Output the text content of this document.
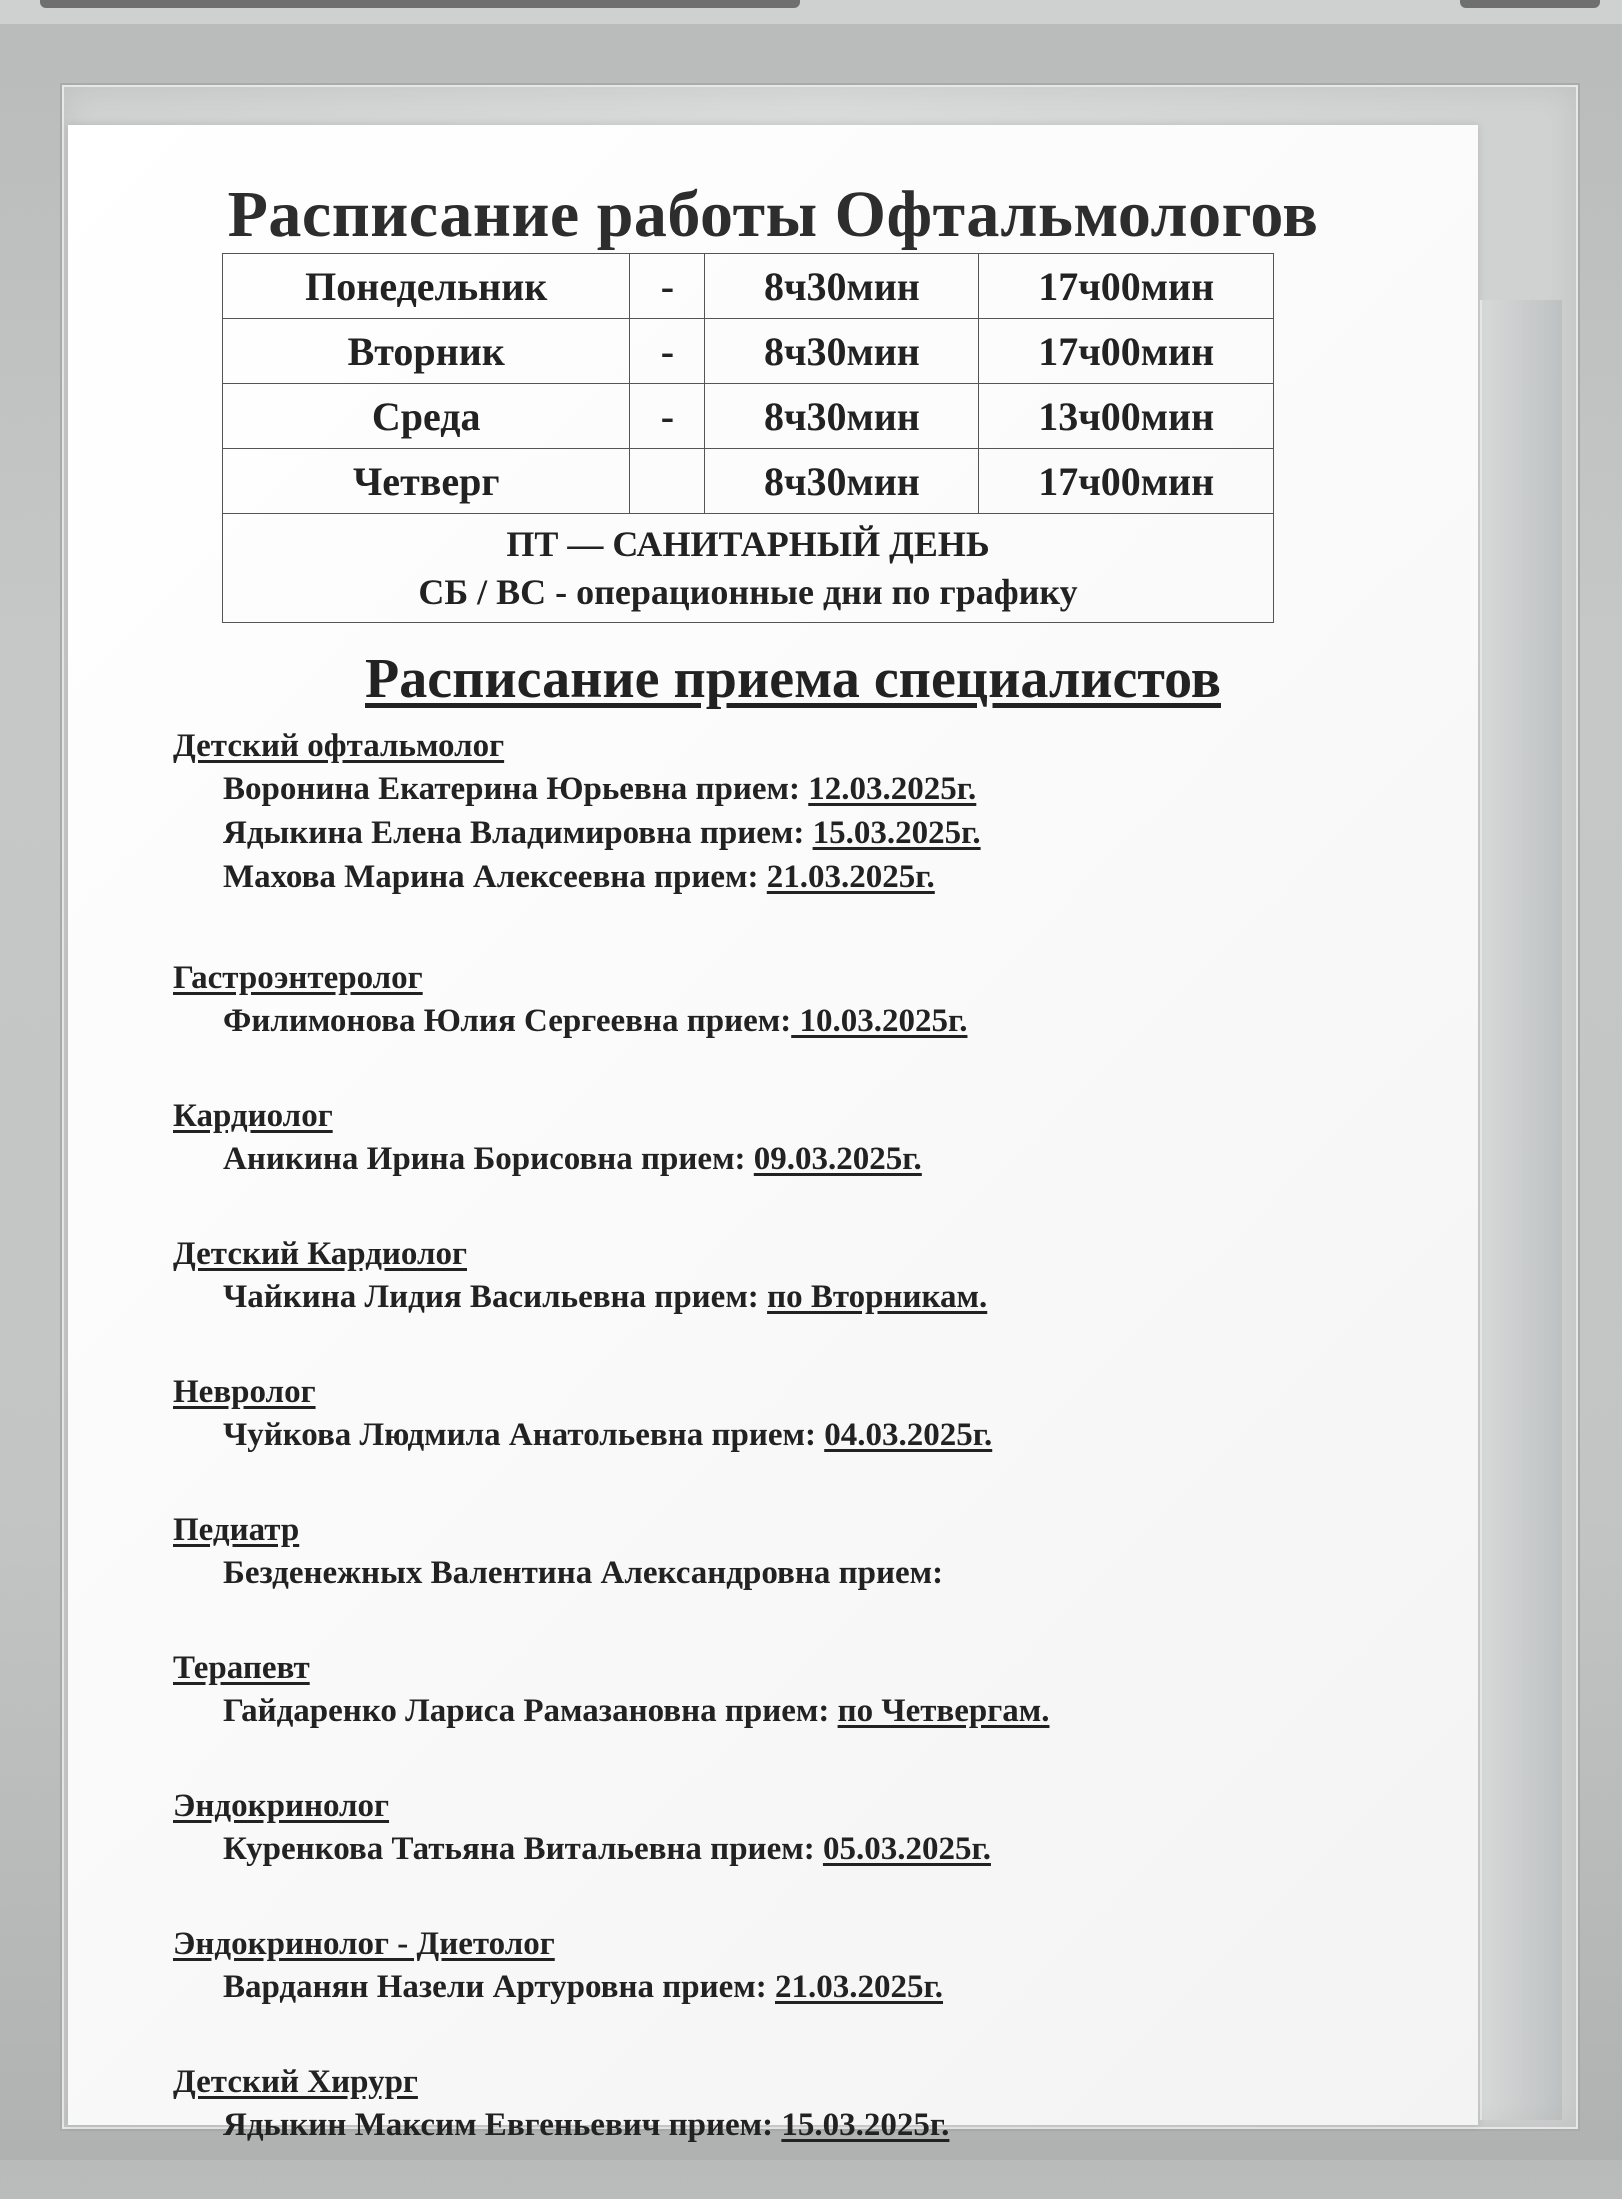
Расписание работы Офтальмологов
Понедельник	-	8ч30мин	17ч00мин
Вторник	-	8ч30мин	17ч00мин
Среда	-	8ч30мин	13ч00мин
Четверг		8ч30мин	17ч00мин

ПТ — САНИТАРНЫЙ ДЕНЬ
СБ / ВС - операционные дни по графику			
Расписание приема специалистов
Детский офтальмолог
Воронина Екатерина Юрьевна прием: 12.03.2025г.
Ядыкина Елена Владимировна прием: 15.03.2025г.
Махова Марина Алексеевна прием: 21.03.2025г.
Гастроэнтеролог
Филимонова Юлия Сергеевна прием: 10.03.2025г.
Кардиолог
Аникина Ирина Борисовна прием: 09.03.2025г.
Детский Кардиолог
Чайкина Лидия Васильевна прием: по Вторникам.
Невролог
Чуйкова Людмила Анатольевна прием: 04.03.2025г.
Педиатр
Безденежных Валентина Александровна прием:
Терапевт
Гайдаренко Лариса Рамазановна прием: по Четвергам.
Эндокринолог
Куренкова Татьяна Витальевна прием: 05.03.2025г.
Эндокринолог - Диетолог
Варданян Назели Артуровна прием: 21.03.2025г.
Детский Хирург
Ядыкин Максим Евгеньевич прием: 15.03.2025г.
